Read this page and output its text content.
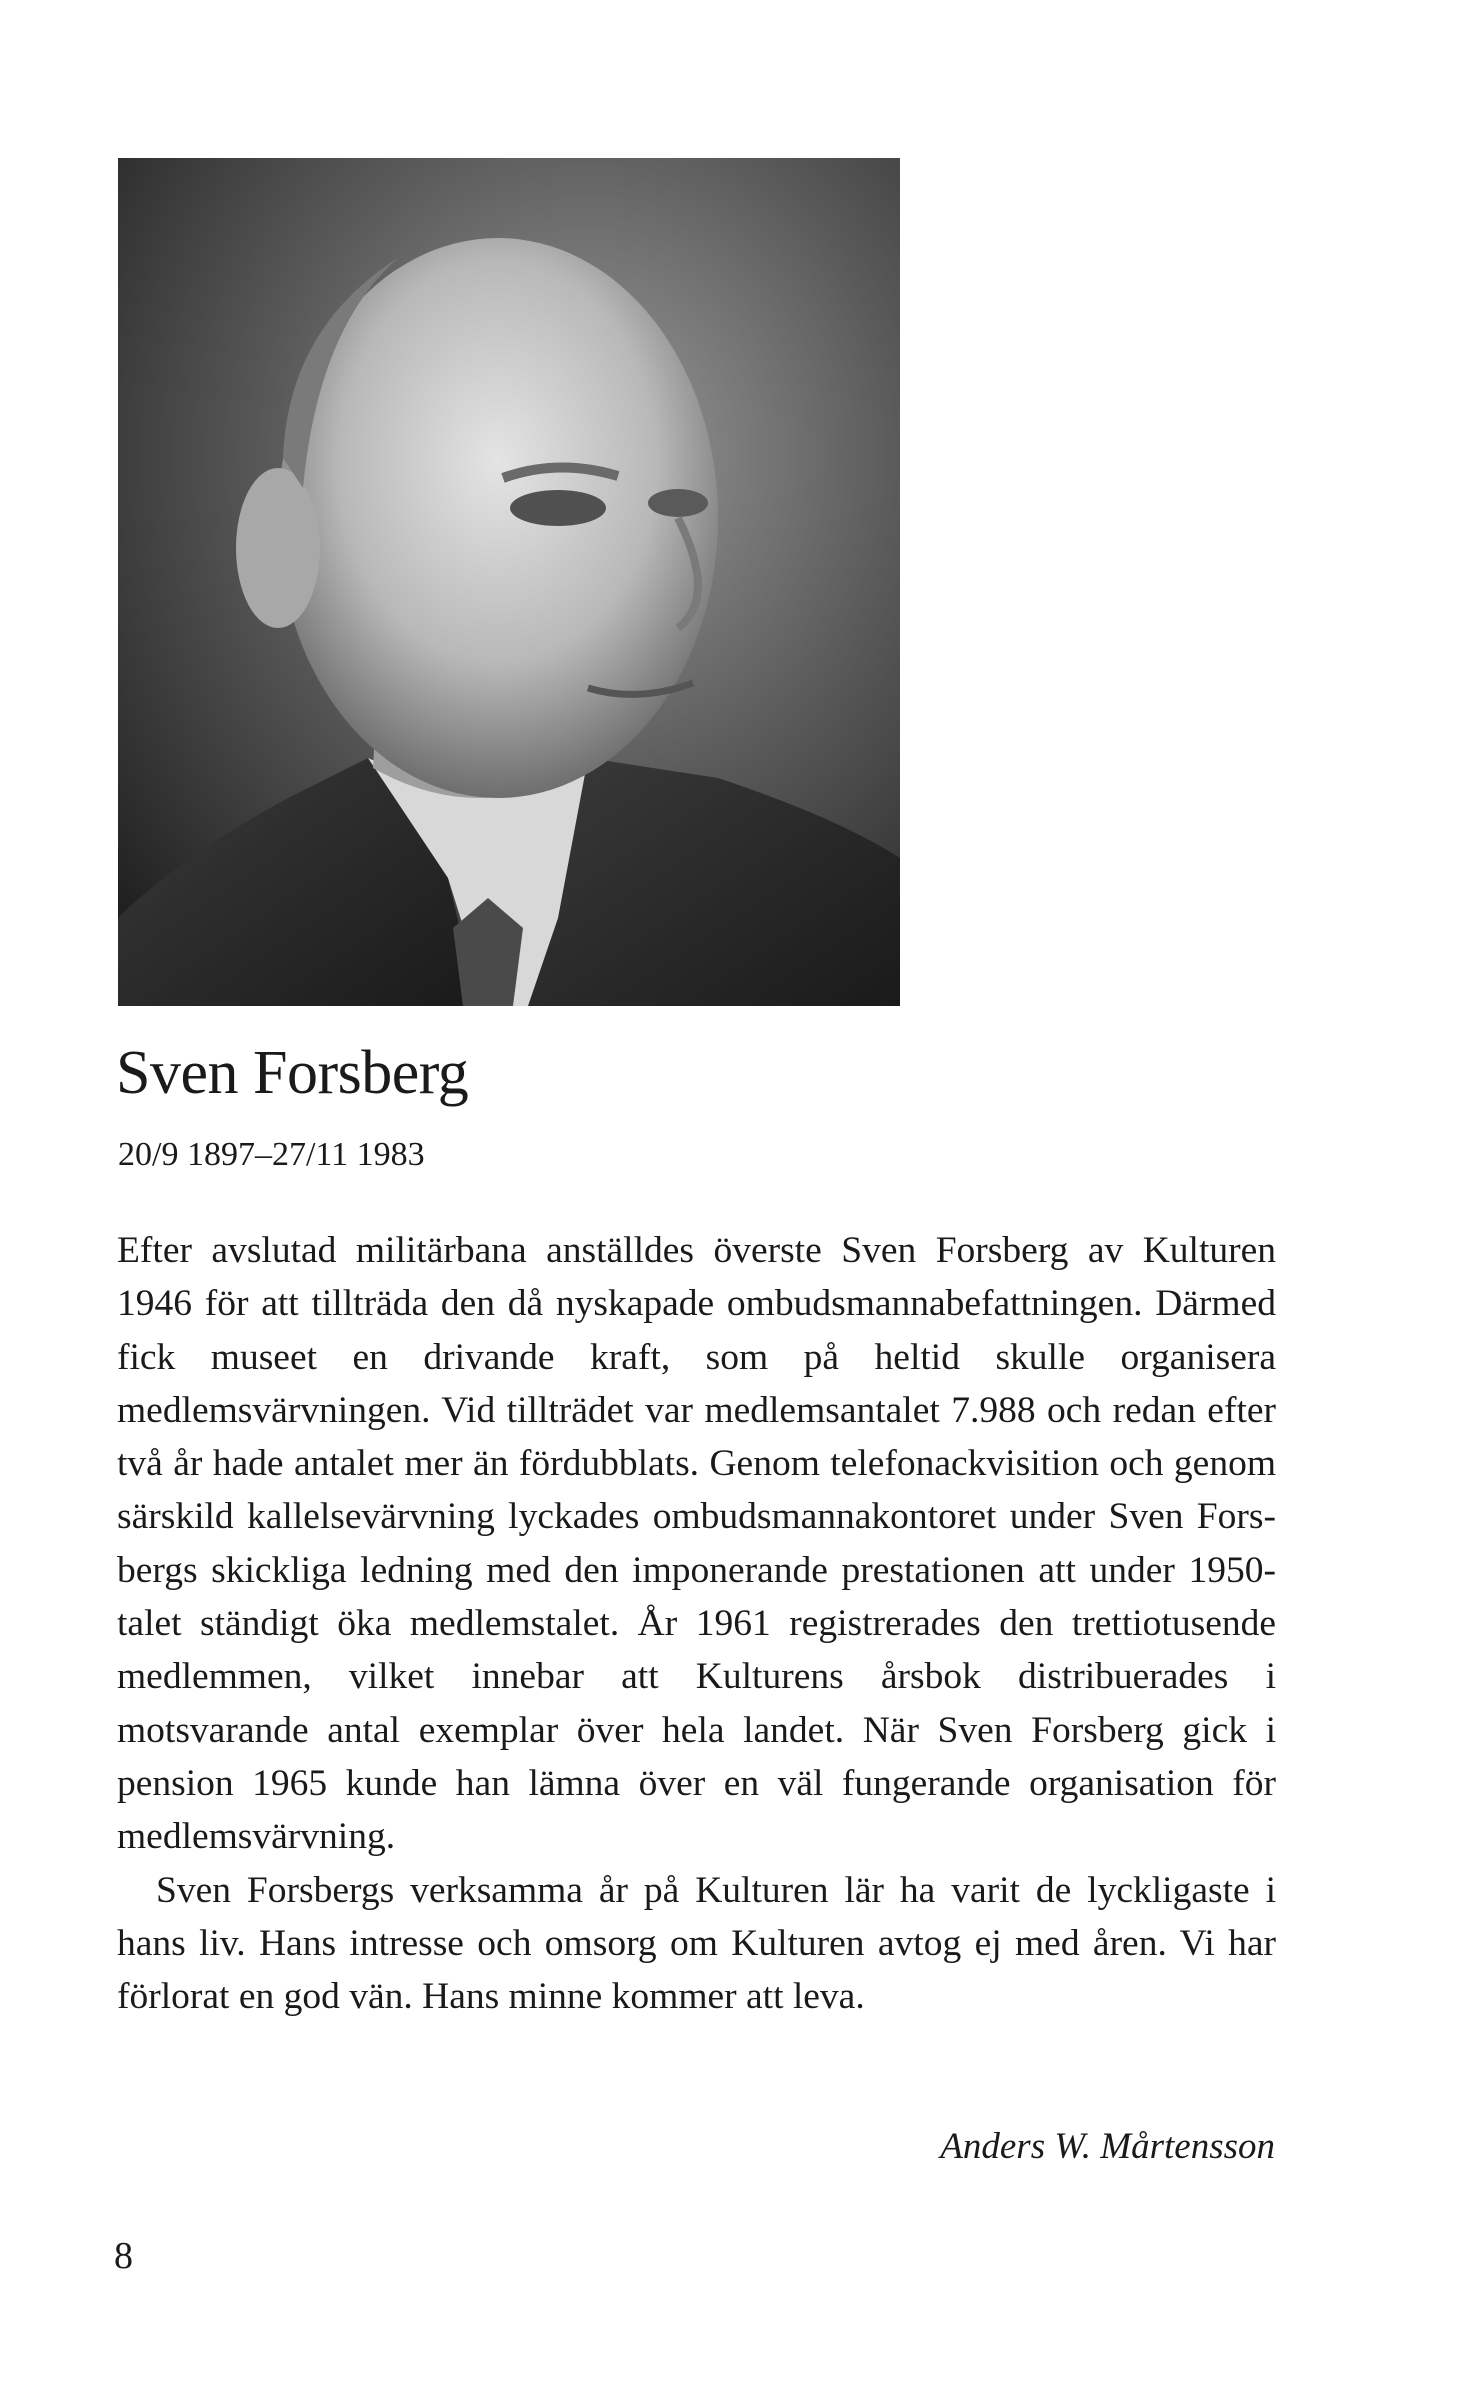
Sven Forsberg
20/9 1897–27/11 1983

Efter avslutad militärbana anställdes överste Sven Forsberg av Kulturen 1946 för att tillträda den då nyskapade ombudsmannabefattningen. Därmed fick museet en drivande kraft, som på heltid skulle organisera medlemsvärvningen. Vid tillträdet var medlemsantalet 7.988 och redan efter två år hade antalet mer än fördubblats. Genom telefonackvisition och genom särskild kallelsevärvning lyckades ombudsmannakontoret under Sven Forsbergs skickliga ledning med den imponerande prestationen att under 1950-talet ständigt öka medlemstalet. År 1961 registrerades den trettiotusende medlemmen, vilket innebar att Kulturens årsbok distribuerades i motsvarande antal exemplar över hela landet. När Sven Forsberg gick i pension 1965 kunde han lämna över en väl fungerande organisation för medlemsvärvning.

Sven Forsbergs verksamma år på Kulturen lär ha varit de lyckligaste i hans liv. Hans intresse och omsorg om Kulturen avtog ej med åren. Vi har förlorat en god vän. Hans minne kommer att leva.

Anders W. Mårtensson
8
